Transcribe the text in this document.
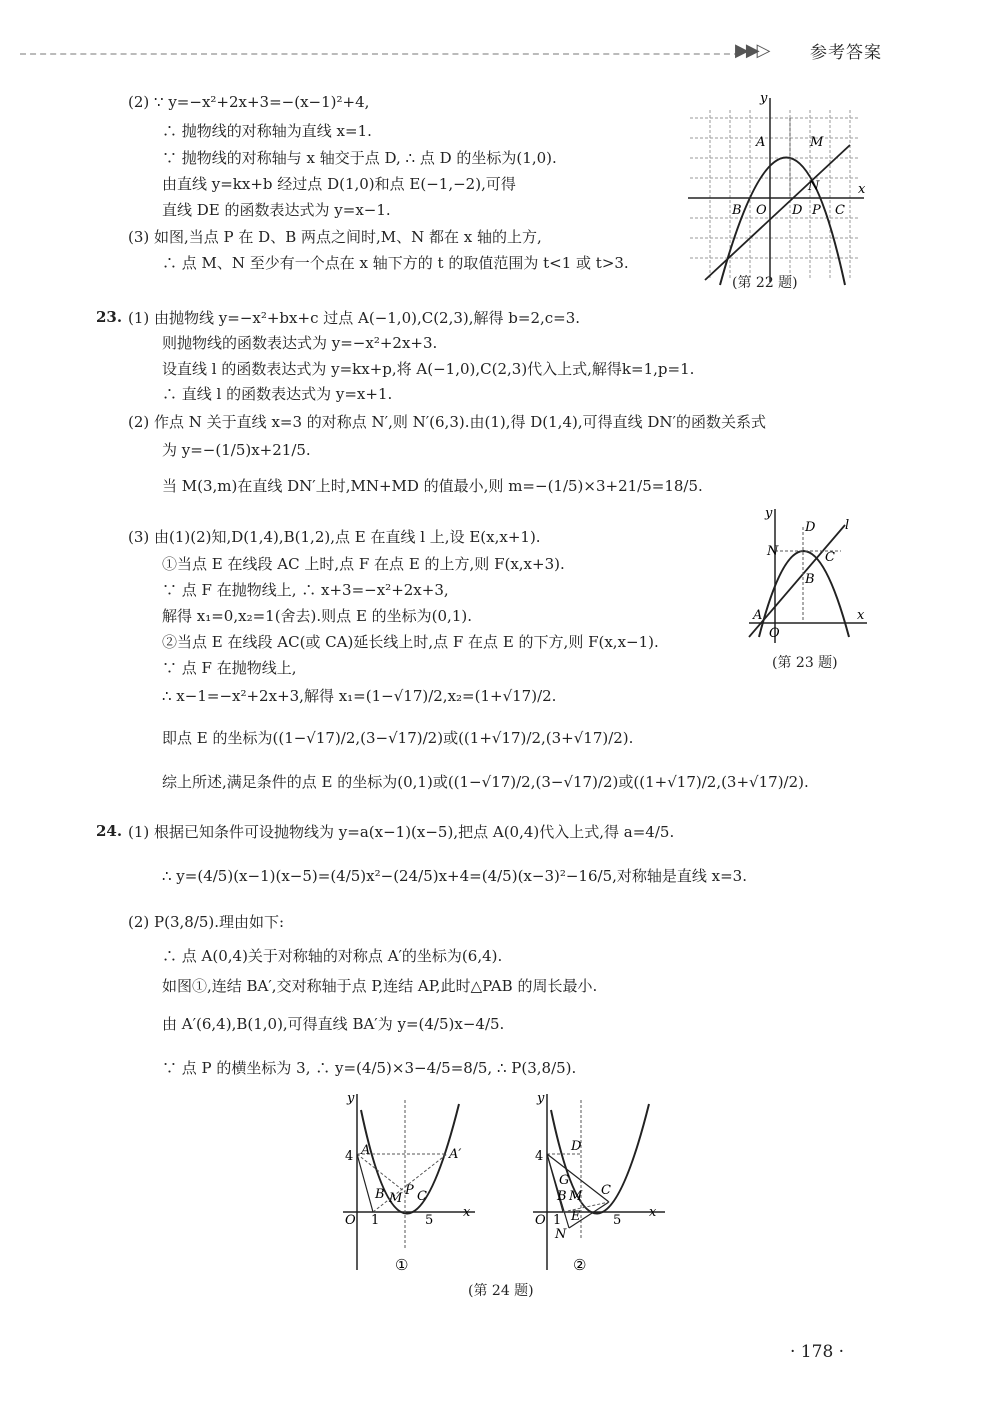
▶▶▷ 参考答案
(2) ∵ y=−x²+2x+3=−(x−1)²+4,
∴ 抛物线的对称轴为直线 x=1.
∵ 抛物线的对称轴与 x 轴交于点 D, ∴ 点 D 的坐标为(1,0).
由直线 y=kx+b 经过点 D(1,0)和点 E(−1,−2),可得
直线 DE 的函数表达式为 y=x−1.
(3) 如图,当点 P 在 D、B 两点之间时,M、N 都在 x 轴的上方,
∴ 点 M、N 至少有一个点在 x 轴下方的 t 的取值范围为 t<1 或 t>3.
y
x
A	M
N
B O D P C
(第 22 题)
23. (1) 由抛物线 y=−x²+bx+c 过点 A(−1,0),C(2,3),解得 b=2,c=3.
则抛物线的函数表达式为 y=−x²+2x+3.
设直线 l 的函数表达式为 y=kx+p,将 A(−1,0),C(2,3)代入上式,解得k=1,p=1.
∴ 直线 l 的函数表达式为 y=x+1.
(2) 作点 N 关于直线 x=3 的对称点 N′,则 N′(6,3).由(1),得 D(1,4),可得直线 DN′的函数关系式
为 y=−(1/5)x+21/5.
当 M(3,m)在直线 DN′上时,MN+MD 的值最小,则 m=−(1/5)×3+21/5=18/5.
(3) 由(1)(2)知,D(1,4),B(1,2),点 E 在直线 l 上,设 E(x,x+1).
①当点 E 在线段 AC 上时,点 F 在点 E 的上方,则 F(x,x+3).
∵ 点 F 在抛物线上, ∴ x+3=−x²+2x+3,
解得 x₁=0,x₂=1(舍去).则点 E 的坐标为(0,1).
②当点 E 在线段 AC(或 CA)延长线上时,点 F 在点 E 的下方,则 F(x,x−1).
∵ 点 F 在抛物线上,
∴ x−1=−x²+2x+3,解得 x₁=(1−√17)/2,x₂=(1+√17)/2.
即点 E 的坐标为((1−√17)/2,(3−√17)/2)或((1+√17)/2,(3+√17)/2).
综上所述,满足条件的点 E 的坐标为(0,1)或((1−√17)/2,(3−√17)/2)或((1+√17)/2,(3+√17)/2).
y
x
D l
N	C
B
A
O
(第 23 题)
24. (1) 根据已知条件可设抛物线为 y=a(x−1)(x−5),把点 A(0,4)代入上式,得 a=4/5.
∴ y=(4/5)(x−1)(x−5)=(4/5)x²−(24/5)x+4=(4/5)(x−3)²−16/5,对称轴是直线 x=3.
(2) P(3,8/5).理由如下:
∴ 点 A(0,4)关于对称轴的对称点 A′的坐标为(6,4).
如图①,连结 BA′,交对称轴于点 P,连结 AP,此时△PAB 的周长最小.
由 A′(6,4),B(1,0),可得直线 BA′为 y=(4/5)x−4/5.
∵ 点 P 的横坐标为 3, ∴ y=(4/5)×3−4/5=8/5, ∴ P(3,8/5).
y
x
4 A	A′
B M
P C
O 1	5
①
y
x
4
D
G
B M C
E
N
O 1	5
②
(第 24 题)
· 178 ·
